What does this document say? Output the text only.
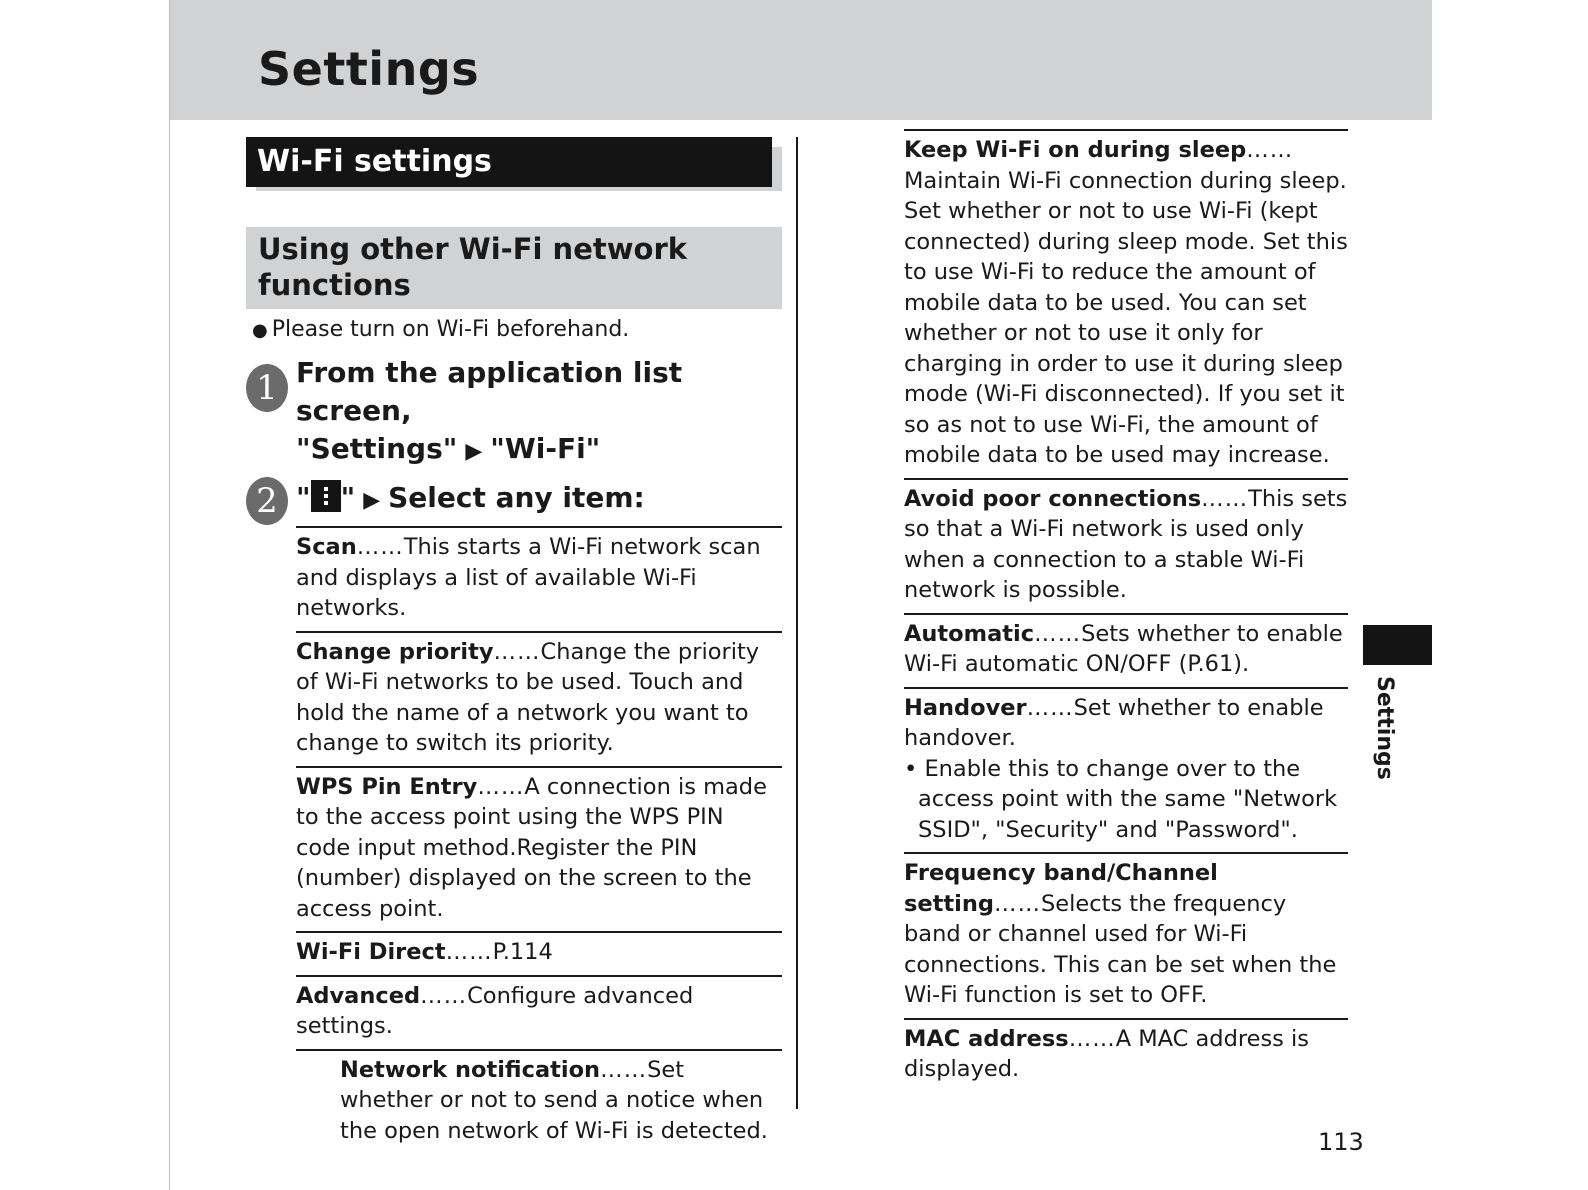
Settings
Wi-Fi settings
Using other Wi-Fi network functions
● Please turn on Wi-Fi beforehand.
1 From the application list screen,
"Settings" ▶ "Wi-Fi"
2 " " ▶ Select any item:
Scan……This starts a Wi-Fi network scan and displays a list of available Wi-Fi networks.
Change priority……Change the priority of Wi-Fi networks to be used. Touch and hold the name of a network you want to change to switch its priority.
WPS Pin Entry……A connection is made to the access point using the WPS PIN code input method.Register the PIN (number) displayed on the screen to the access point.
Wi-Fi Direct……P.114
Advanced……Configure advanced settings.
Network notification……Set whether or not to send a notice when the open network of Wi-Fi is detected.
Keep Wi-Fi on during sleep……
Maintain Wi-Fi connection during sleep. Set whether or not to use Wi-Fi (kept connected) during sleep mode. Set this to use Wi-Fi to reduce the amount of mobile data to be used. You can set whether or not to use it only for charging in order to use it during sleep mode (Wi-Fi disconnected). If you set it so as not to use Wi-Fi, the amount of mobile data to be used may increase.
Avoid poor connections……This sets so that a Wi-Fi network is used only when a connection to a stable Wi-Fi network is possible.
Automatic……Sets whether to enable Wi-Fi automatic ON/OFF (P.61).
Handover……Set whether to enable handover.
• Enable this to change over to the access point with the same "Network SSID", "Security" and "Password".
Frequency band/Channel setting……Selects the frequency band or channel used for Wi-Fi connections. This can be set when the Wi-Fi function is set to OFF.
MAC address……A MAC address is displayed.
Settings
113
